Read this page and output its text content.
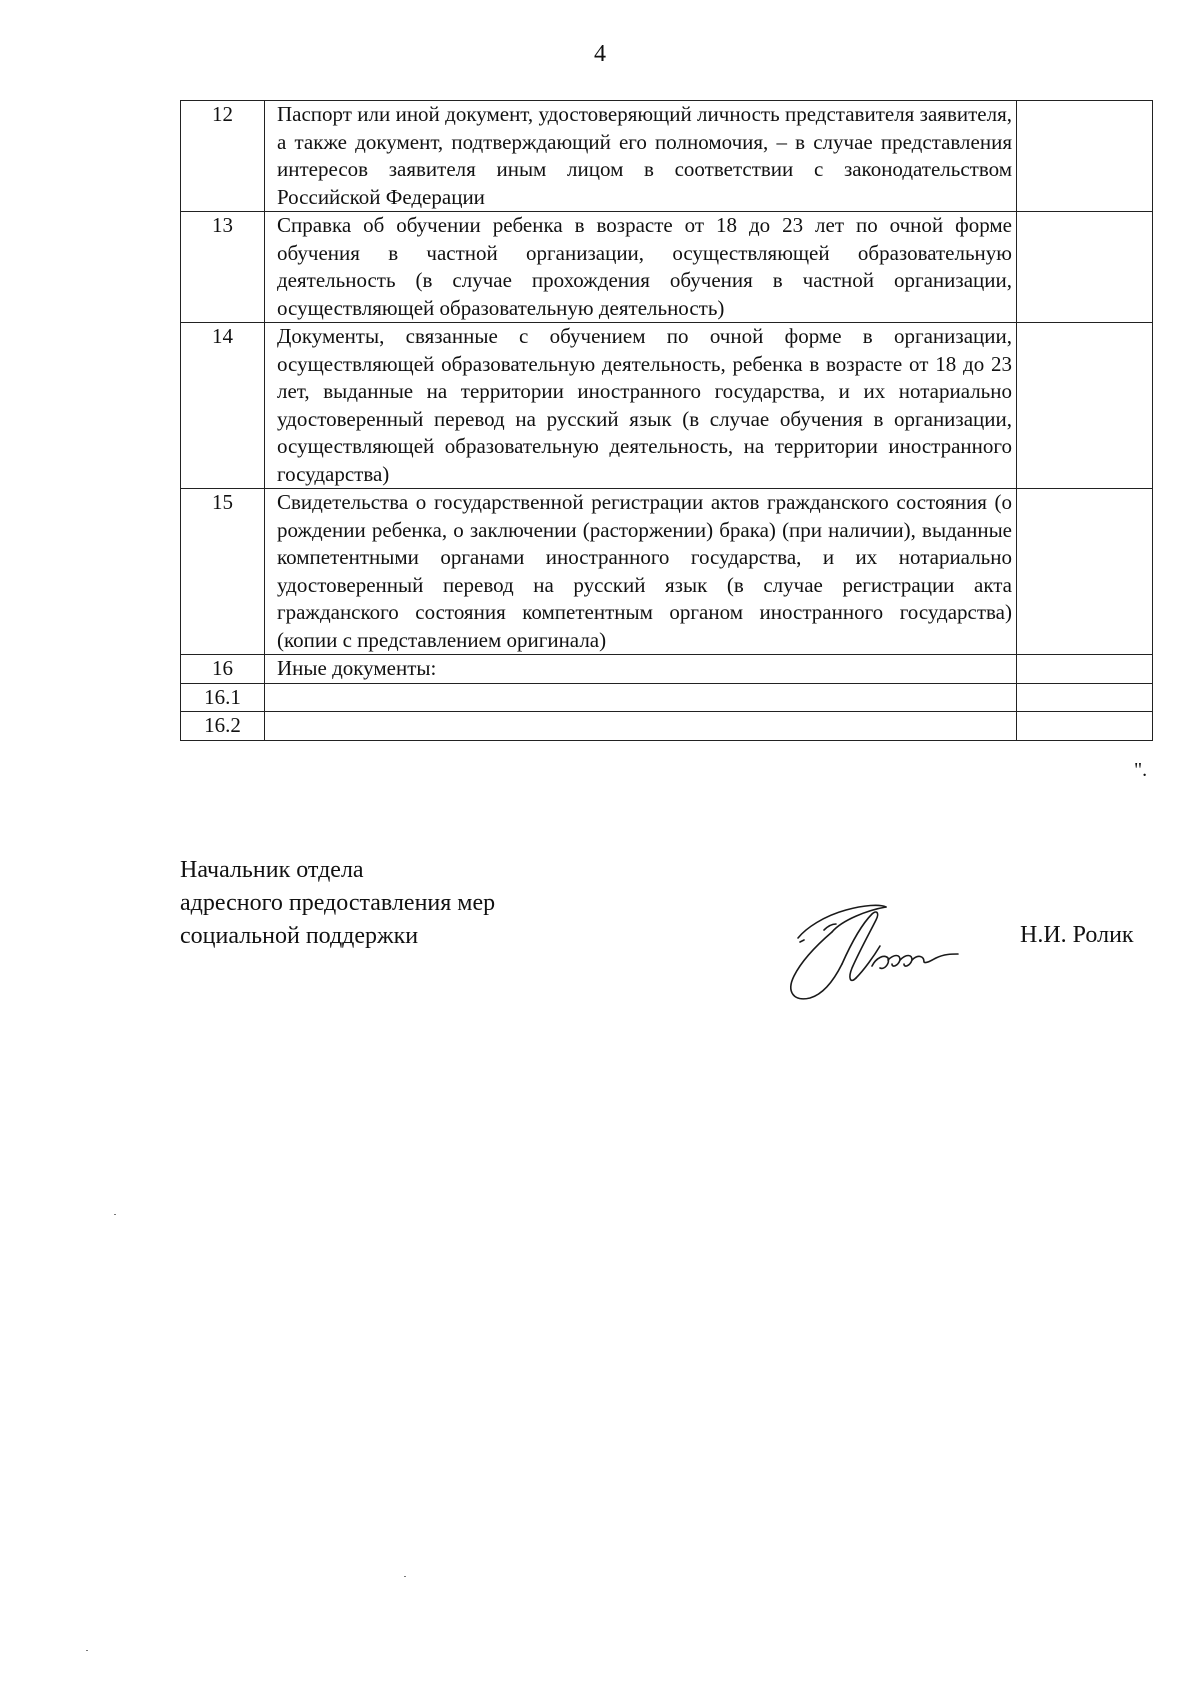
4
12	Паспорт или иной документ, удостоверяющий личность представителя заявителя, а также документ, подтверждающий его полномочия, – в случае представления интересов заявителя иным лицом в соответствии с законодательством Российской Федерации	
13	Справка об обучении ребенка в возрасте от 18 до 23 лет по очной форме обучения в частной организации, осуществляющей образовательную деятельность (в случае прохождения обучения в частной организации, осуществляющей образовательную деятельность)	
14	Документы, связанные с обучением по очной форме в организации, осуществляющей образовательную деятельность, ребенка в возрасте от 18 до 23 лет, выданные на территории иностранного государства, и их нотариально удостоверенный перевод на русский язык (в случае обучения в организации, осуществляющей образовательную деятельность, на территории иностранного государства)	
15	Свидетельства о государственной регистрации актов гражданского состояния (о рождении ребенка, о заключении (расторжении) брака) (при наличии), выданные компетентными органами иностранного государства, и их нотариально удостоверенный перевод на русский язык (в случае регистрации акта гражданского состояния компетентным органом иностранного государства) (копии с представлением оригинала)	
16	Иные документы:	
16.1		
16.2		
".
Начальник отдела
адресного предоставления мер
социальной поддержки	Н.И. Ролик
